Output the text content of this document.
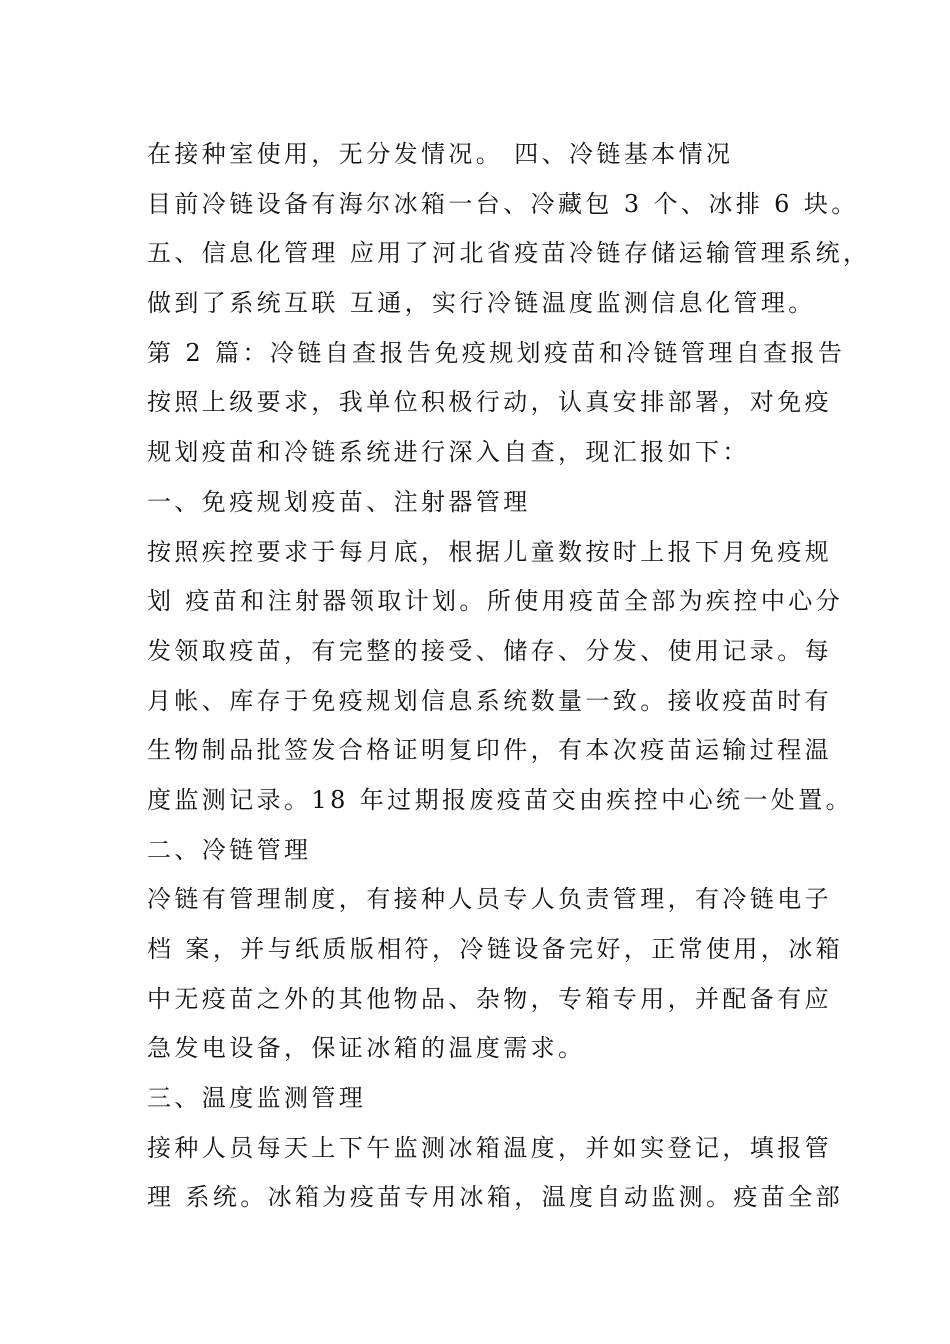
在接种室使用，无分发情况。 四、冷链基本情况
目前冷链设备有海尔冰箱一台、冷藏包 3 个、冰排 6 块。
五、信息化管理 应用了河北省疫苗冷链存储运输管理系统，
做到了系统互联 互通，实行冷链温度监测信息化管理。
第 2 篇：冷链自查报告免疫规划疫苗和冷链管理自查报告
按照上级要求，我单位积极行动，认真安排部署，对免疫
规划疫苗和冷链系统进行深入自查，现汇报如下：
一、免疫规划疫苗、注射器管理
按照疾控要求于每月底，根据儿童数按时上报下月免疫规
划 疫苗和注射器领取计划。所使用疫苗全部为疾控中心分
发领取疫苗，有完整的接受、储存、分发、使用记录。每
月帐、库存于免疫规划信息系统数量一致。接收疫苗时有
生物制品批签发合格证明复印件，有本次疫苗运输过程温
度监测记录。18 年过期报废疫苗交由疾控中心统一处置。
二、冷链管理
冷链有管理制度，有接种人员专人负责管理，有冷链电子
档 案，并与纸质版相符，冷链设备完好，正常使用，冰箱
中无疫苗之外的其他物品、杂物，专箱专用，并配备有应
急发电设备，保证冰箱的温度需求。
三、温度监测管理
接种人员每天上下午监测冰箱温度，并如实登记，填报管
理 系统。冰箱为疫苗专用冰箱，温度自动监测。疫苗全部
